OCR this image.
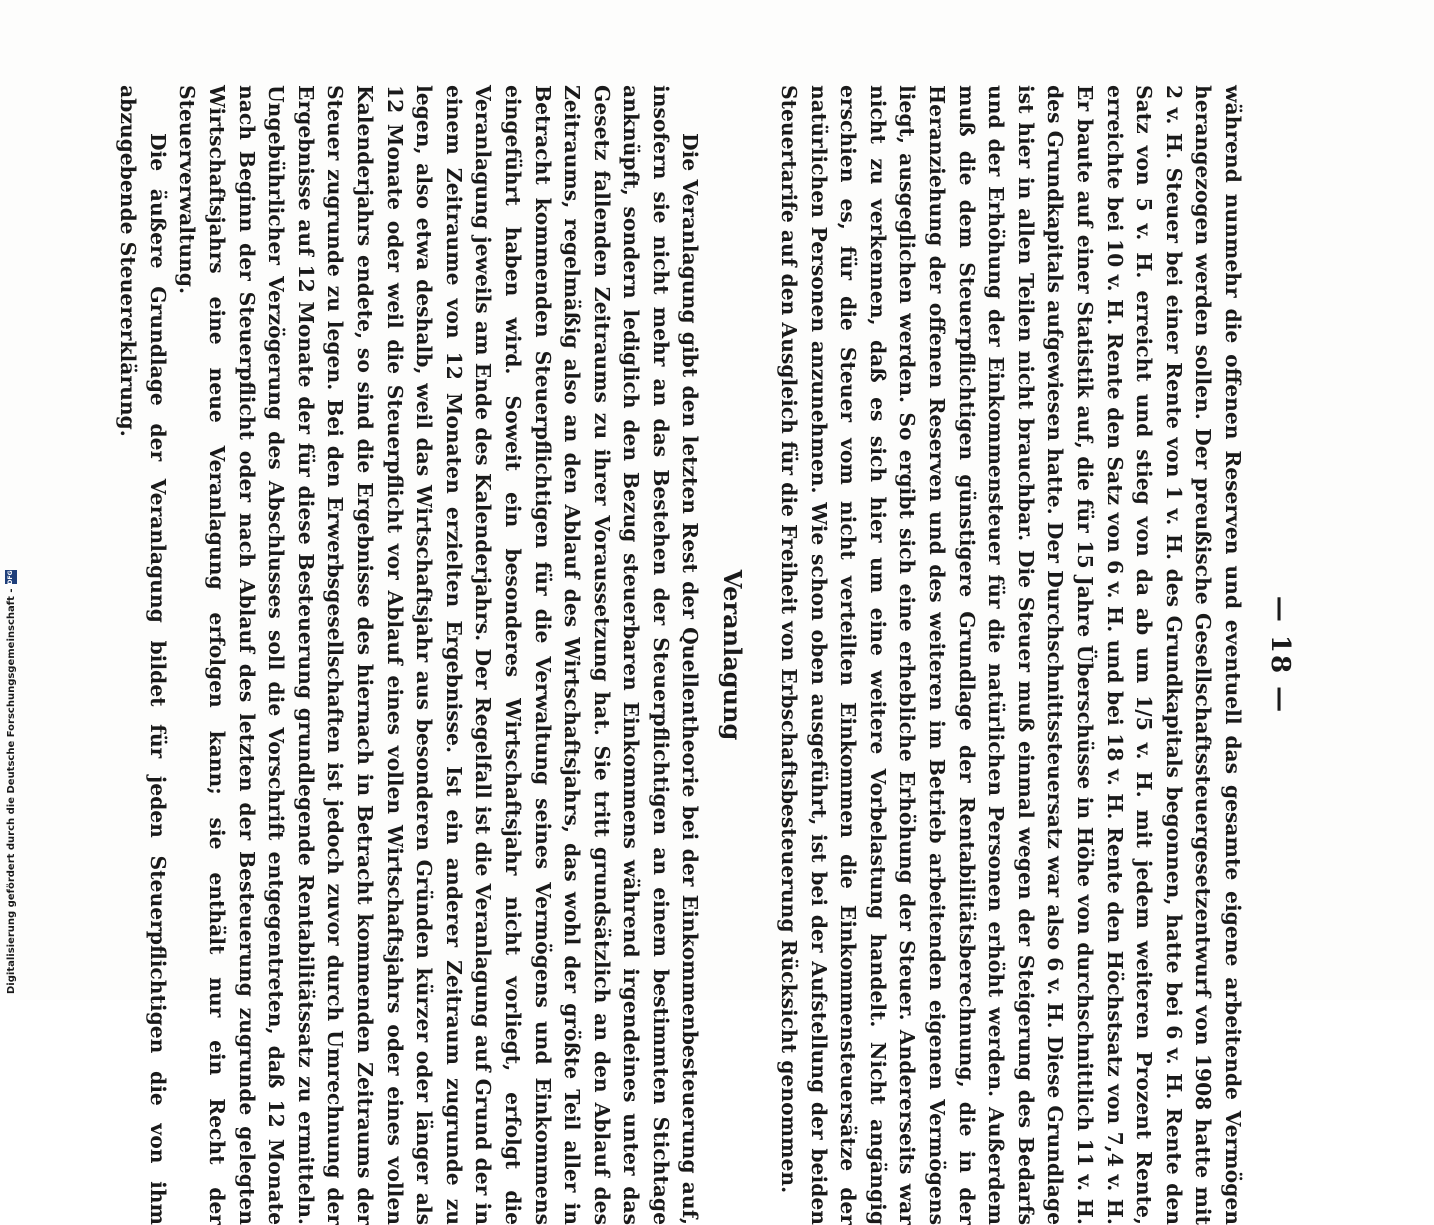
— 18 —

während nunmehr die offenen Reserven und eventuell das gesamte eigene arbeitende Vermögen herangezogen werden sollen. Der preußische Gesellschaftssteuergesetzentwurf von 1908 hatte mit 2 v. H. Steuer bei einer Rente von 1 v. H. des Grundkapitals begonnen, hatte bei 6 v. H. Rente den Satz von 5 v. H. erreicht und stieg von da ab um 1/5 v. H. mit jedem weiteren Prozent Rente, erreichte bei 10 v. H. Rente den Satz von 6 v. H. und bei 18 v. H. Rente den Höchstsatz von 7,4 v. H. Er baute auf einer Statistik auf, die für 15 Jahre Überschüsse in Höhe von durchschnittlich 11 v. H. des Grundkapitals aufgewiesen hatte. Der Durchschnittssteuersatz war also 6 v. H. Diese Grundlage ist hier in allen Teilen nicht brauchbar. Die Steuer muß einmal wegen der Steigerung des Bedarfs und der Erhöhung der Einkommensteuer für die natürlichen Personen erhöht werden. Außerdem muß die dem Steuerpflichtigen günstigere Grundlage der Rentabilitätsberechnung, die in der Heranziehung der offenen Reserven und des weiteren im Betrieb arbeitenden eigenen Vermögens liegt, ausgeglichen werden. So ergibt sich eine erhebliche Erhöhung der Steuer. Andererseits war nicht zu verkennen, daß es sich hier um eine weitere Vorbelastung handelt. Nicht angängig erschien es, für die Steuer vom nicht verteilten Einkommen die Einkommensteuersätze der natürlichen Personen anzunehmen. Wie schon oben ausgeführt, ist bei der Aufstellung der beiden Steuertarife auf den Ausgleich für die Freiheit von Erbschaftsbesteuerung Rücksicht genommen.

Veranlagung

Die Veranlagung gibt den letzten Rest der Quellentheorie bei der Einkommenbesteuerung auf, insofern sie nicht mehr an das Bestehen der Steuerpflichtigen an einem bestimmten Stichtage anknüpft, sondern lediglich den Bezug steuerbaren Einkommens während irgendeines unter das Gesetz fallenden Zeitraums zu ihrer Voraussetzung hat. Sie tritt grundsätzlich an den Ablauf des Zeitraums, regelmäßig also an den Ablauf des Wirtschaftsjahrs, das wohl der größte Teil aller in Betracht kommenden Steuerpflichtigen für die Verwaltung seines Vermögens und Einkommens eingeführt haben wird. Soweit ein besonderes Wirtschaftsjahr nicht vorliegt, erfolgt die Veranlagung jeweils am Ende des Kalenderjahrs. Der Regelfall ist die Veranlagung auf Grund der in einem Zeitraume von 12 Monaten erzielten Ergebnisse. Ist ein anderer Zeitraum zugrunde zu legen, also etwa deshalb, weil das Wirtschaftsjahr aus besonderen Gründen kürzer oder länger als 12 Monate oder weil die Steuerpflicht vor Ablauf eines vollen Wirtschaftsjahrs oder eines vollen Kalenderjahrs endete, so sind die Ergebnisse des hiernach in Betracht kommenden Zeitraums der Steuer zugrunde zu legen. Bei den Erwerbsgesellschaften ist jedoch zuvor durch Umrechnung der Ergebnisse auf 12 Monate der für diese Besteuerung grundlegende Rentabilitätssatz zu ermitteln. Ungebührlicher Verzögerung des Abschlusses soll die Vorschrift entgegentreten, daß 12 Monate nach Beginn der Steuerpflicht oder nach Ablauf des letzten der Besteuerung zugrunde gelegten Wirtschaftsjahrs eine neue Veranlagung erfolgen kann; sie enthält nur ein Recht der Steuerverwaltung.

Die äußere Grundlage der Veranlagung bildet für jeden Steuerpflichtigen die von ihm abzugebende Steuererklärung.

Digitalisierung gefördert durch die Deutsche Forschungsgemeinschaft -
DFG
